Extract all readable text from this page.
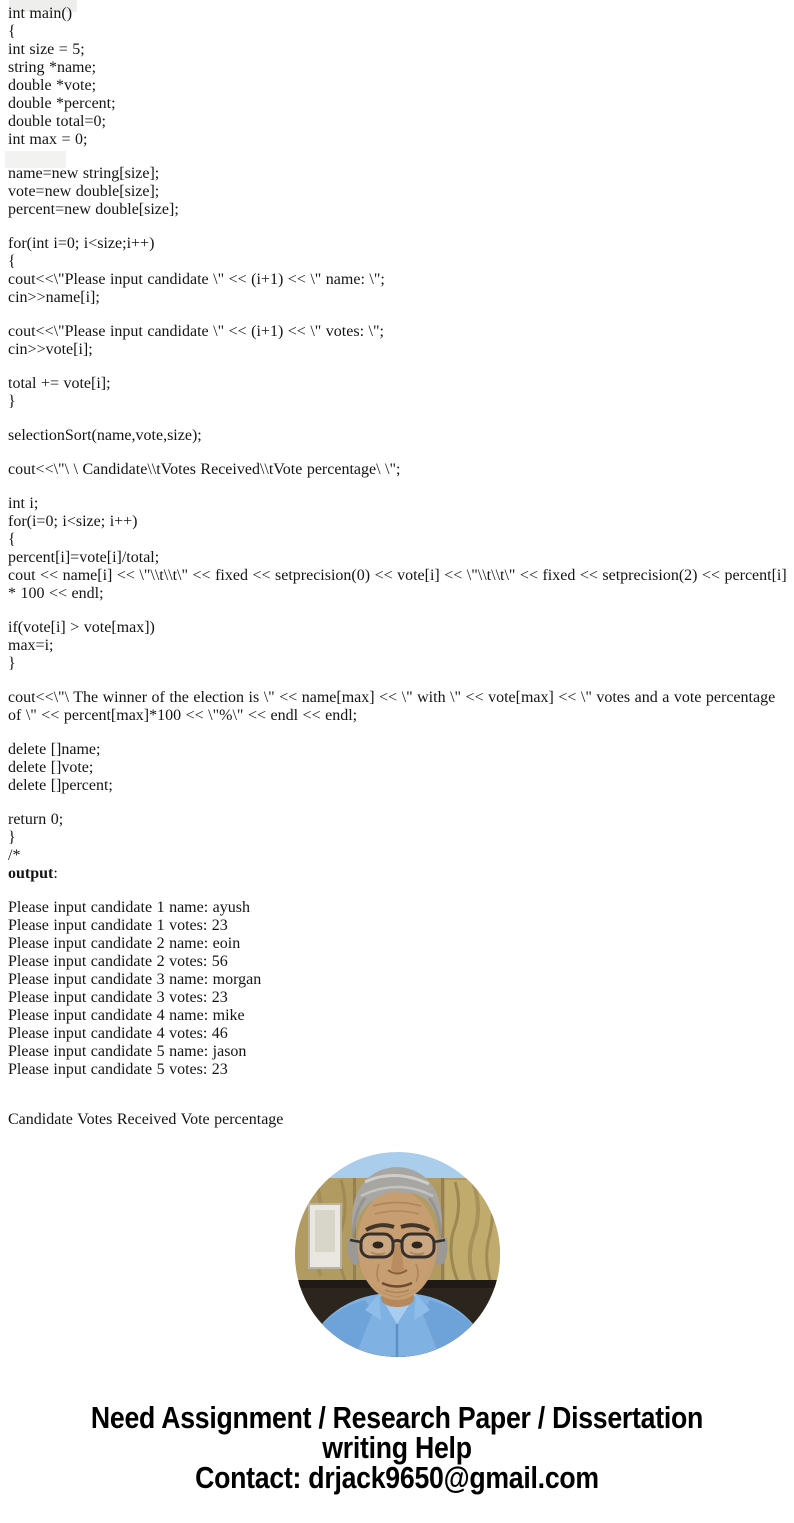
int main()
{
int size = 5;
string *name;
double *vote;
double *percent;
double total=0;
int max = 0;
name=new string[size];
vote=new double[size];
percent=new double[size];
for(int i=0; i<size;i++)
{
cout<<\"Please input candidate \" << (i+1) << \" name: \";
cin>>name[i];
cout<<\"Please input candidate \" << (i+1) << \" votes: \";
cin>>vote[i];
total += vote[i];
}
selectionSort(name,vote,size);
cout<<\"\ \ Candidate\\tVotes Received\\tVote percentage\ \";
int i;
for(i=0; i<size; i++)
{
percent[i]=vote[i]/total;
cout << name[i] << \"\\t\\t\" << fixed << setprecision(0) << vote[i] << \"\\t\\t\" << fixed << setprecision(2) << percent[i] * 100 << endl;
if(vote[i] > vote[max])
max=i;
}
cout<<\"\ The winner of the election is \" << name[max] << \" with \" << vote[max] << \" votes and a vote percentage of \" << percent[max]*100 << \"%\" << endl << endl;
delete []name;
delete []vote;
delete []percent;
return 0;
}
/*
output:
Please input candidate 1 name: ayush
Please input candidate 1 votes: 23
Please input candidate 2 name: eoin
Please input candidate 2 votes: 56
Please input candidate 3 name: morgan
Please input candidate 3 votes: 23
Please input candidate 4 name: mike
Please input candidate 4 votes: 46
Please input candidate 5 name: jason
Please input candidate 5 votes: 23
Candidate Votes Received Vote percentage
Need Assignment / Research Paper / Dissertation
writing Help
Contact: drjack9650@gmail.com
